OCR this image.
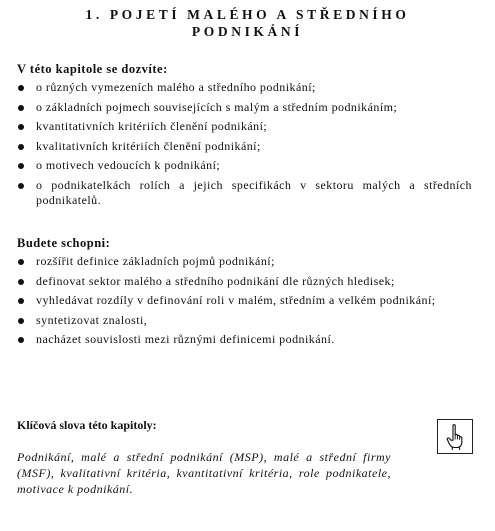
1. POJETÍ MALÉHO A STŘEDNÍHO
PODNIKÁNÍ
V této kapitole se dozvíte:
o různých vymezeních malého a středního podnikání;
o základních pojmech souvisejících s malým a středním podnikáním;
kvantitativních kritériích členění podnikání;
kvalitativních kritériích členění podnikání;
o motivech vedoucích k podnikání;
o podnikatelkách rolích a jejich specifikách v sektoru malých a středních podnikatelů.
Budete schopni:
rozšířit definice základních pojmů podnikání;
definovat sektor malého a středního podnikání dle různých hledisek;
vyhledávat rozdíly v definování roli v malém, středním a velkém podnikání;
syntetizovat znalosti,
nacházet souvislosti mezi různými definicemi podnikání.
Klíčová slova této kapitoly:
Podnikání, malé a střední podnikání (MSP), malé a střední firmy (MSF), kvalitativní kritéria, kvantitativní kritéria, role podnikatele, motivace k podnikání.
